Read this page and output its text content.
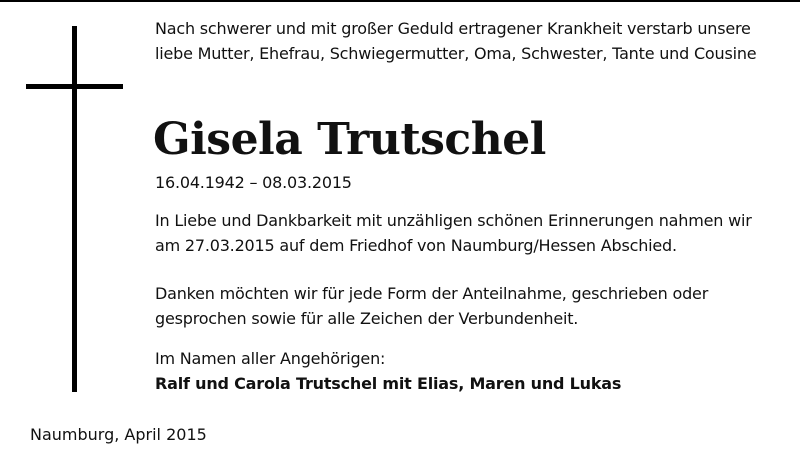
Nach schwerer und mit großer Geduld ertragener Krankheit verstarb unsere
liebe Mutter, Ehefrau, Schwiegermutter, Oma, Schwester, Tante und Cousine

Gisela Trutschel

16.04.1942 – 08.03.2015

In Liebe und Dankbarkeit mit unzähligen schönen Erinnerungen nahmen wir
am 27.03.2015 auf dem Friedhof von Naumburg/Hessen Abschied.

Danken möchten wir für jede Form der Anteilnahme, geschrieben oder
gesprochen sowie für alle Zeichen der Verbundenheit.

Im Namen aller Angehörigen:

Ralf und Carola Trutschel mit Elias, Maren und Lukas

Naumburg, April 2015
